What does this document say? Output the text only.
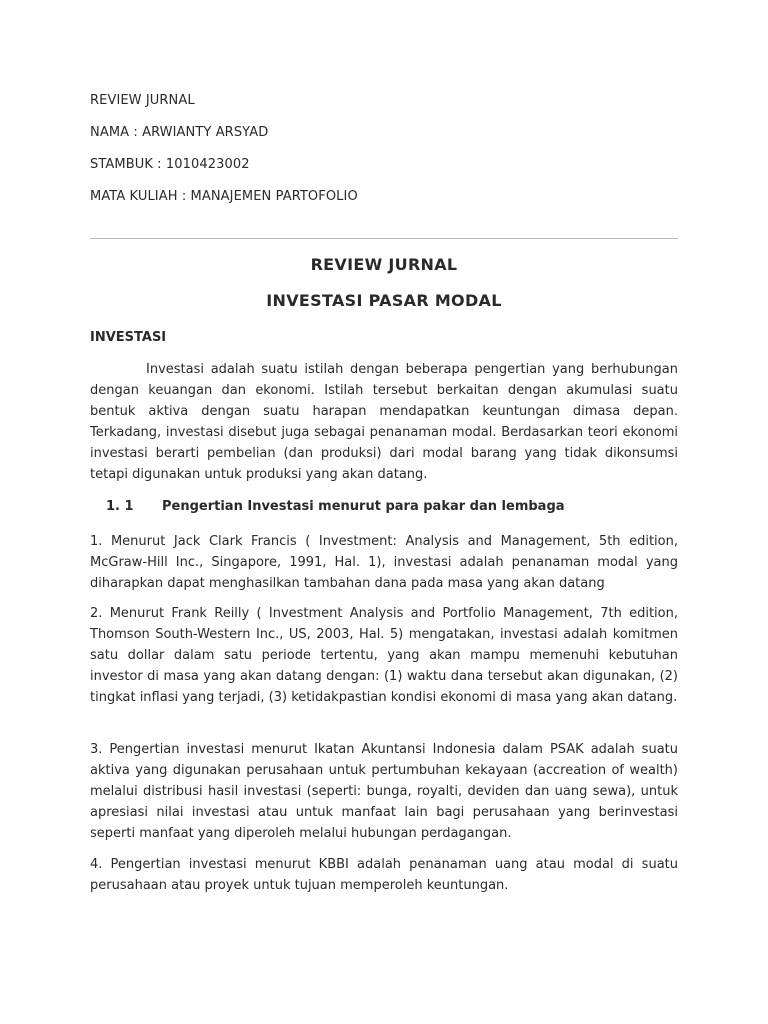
REVIEW JURNAL
NAMA : ARWIANTY ARSYAD
STAMBUK : 1010423002
MATA KULIAH : MANAJEMEN PARTOFOLIO
REVIEW JURNAL
INVESTASI PASAR MODAL
INVESTASI
Investasi adalah suatu istilah dengan beberapa pengertian yang berhubungan dengan keuangan dan ekonomi. Istilah tersebut berkaitan dengan akumulasi suatu bentuk aktiva dengan suatu harapan mendapatkan keuntungan dimasa depan. Terkadang, investasi disebut juga sebagai penanaman modal. Berdasarkan teori ekonomi investasi berarti pembelian (dan produksi) dari modal barang yang tidak dikonsumsi tetapi digunakan untuk produksi yang akan datang.
1. 1 Pengertian Investasi menurut para pakar dan lembaga
1. Menurut Jack Clark Francis ( Investment: Analysis and Management, 5th edition, McGraw-Hill Inc., Singapore, 1991, Hal. 1), investasi adalah penanaman modal yang diharapkan dapat menghasilkan tambahan dana pada masa yang akan datang
2. Menurut Frank Reilly ( Investment Analysis and Portfolio Management, 7th edition, Thomson South-Western Inc., US, 2003, Hal. 5) mengatakan, investasi adalah komitmen satu dollar dalam satu periode tertentu, yang akan mampu memenuhi kebutuhan investor di masa yang akan datang dengan: (1) waktu dana tersebut akan digunakan, (2) tingkat inflasi yang terjadi, (3) ketidakpastian kondisi ekonomi di masa yang akan datang.
3. Pengertian investasi menurut Ikatan Akuntansi Indonesia dalam PSAK adalah suatu aktiva yang digunakan perusahaan untuk pertumbuhan kekayaan (accreation of wealth) melalui distribusi hasil investasi (seperti: bunga, royalti, deviden dan uang sewa), untuk apresiasi nilai investasi atau untuk manfaat lain bagi perusahaan yang berinvestasi seperti manfaat yang diperoleh melalui hubungan perdagangan.
4. Pengertian investasi menurut KBBI adalah penanaman uang atau modal di suatu perusahaan atau proyek untuk tujuan memperoleh keuntungan.
